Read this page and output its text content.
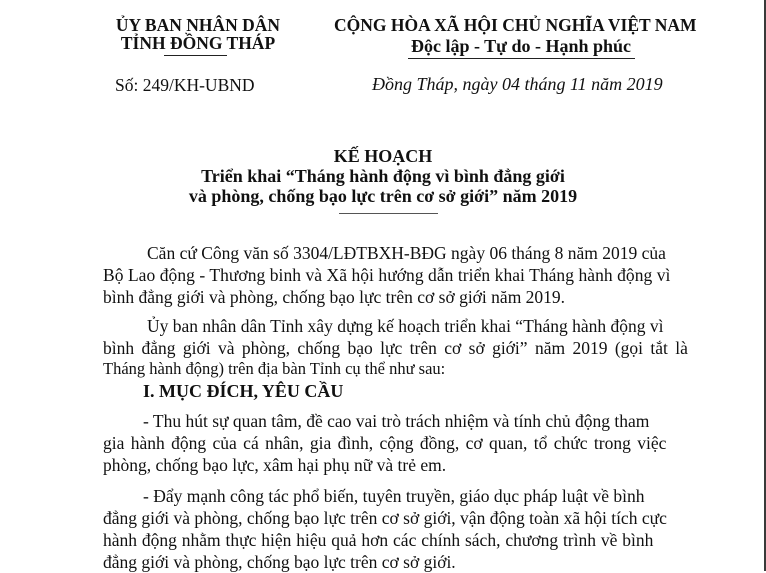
ỦY BAN NHÂN DÂN
TỈNH ĐỒNG THÁP
Số: 249/KH-UBND
CỘNG HÒA XÃ HỘI CHỦ NGHĨA VIỆT NAM
Độc lập - Tự do - Hạnh phúc
Đồng Tháp, ngày 04 tháng 11 năm 2019
KẾ HOẠCH
Triển khai “Tháng hành động vì bình đẳng giới
và phòng, chống bạo lực trên cơ sở giới” năm 2019
Căn cứ Công văn số 3304/LĐTBXH-BĐG ngày 06 tháng 8 năm 2019 của
Bộ Lao động - Thương binh và Xã hội hướng dẫn triển khai Tháng hành động vì
bình đẳng giới và phòng, chống bạo lực trên cơ sở giới năm 2019.
Ủy ban nhân dân Tỉnh xây dựng kế hoạch triển khai “Tháng hành động vì
bình đẳng giới và phòng, chống bạo lực trên cơ sở giới” năm 2019 (gọi tắt là
Tháng hành động) trên địa bàn Tỉnh cụ thể như sau:
I. MỤC ĐÍCH, YÊU CẦU
- Thu hút sự quan tâm, đề cao vai trò trách nhiệm và tính chủ động tham
gia hành động của cá nhân, gia đình, cộng đồng, cơ quan, tổ chức trong việc
phòng, chống bạo lực, xâm hại phụ nữ và trẻ em.
- Đẩy mạnh công tác phổ biến, tuyên truyền, giáo dục pháp luật về bình
đẳng giới và phòng, chống bạo lực trên cơ sở giới, vận động toàn xã hội tích cực
hành động nhằm thực hiện hiệu quả hơn các chính sách, chương trình về bình
đẳng giới và phòng, chống bạo lực trên cơ sở giới.
